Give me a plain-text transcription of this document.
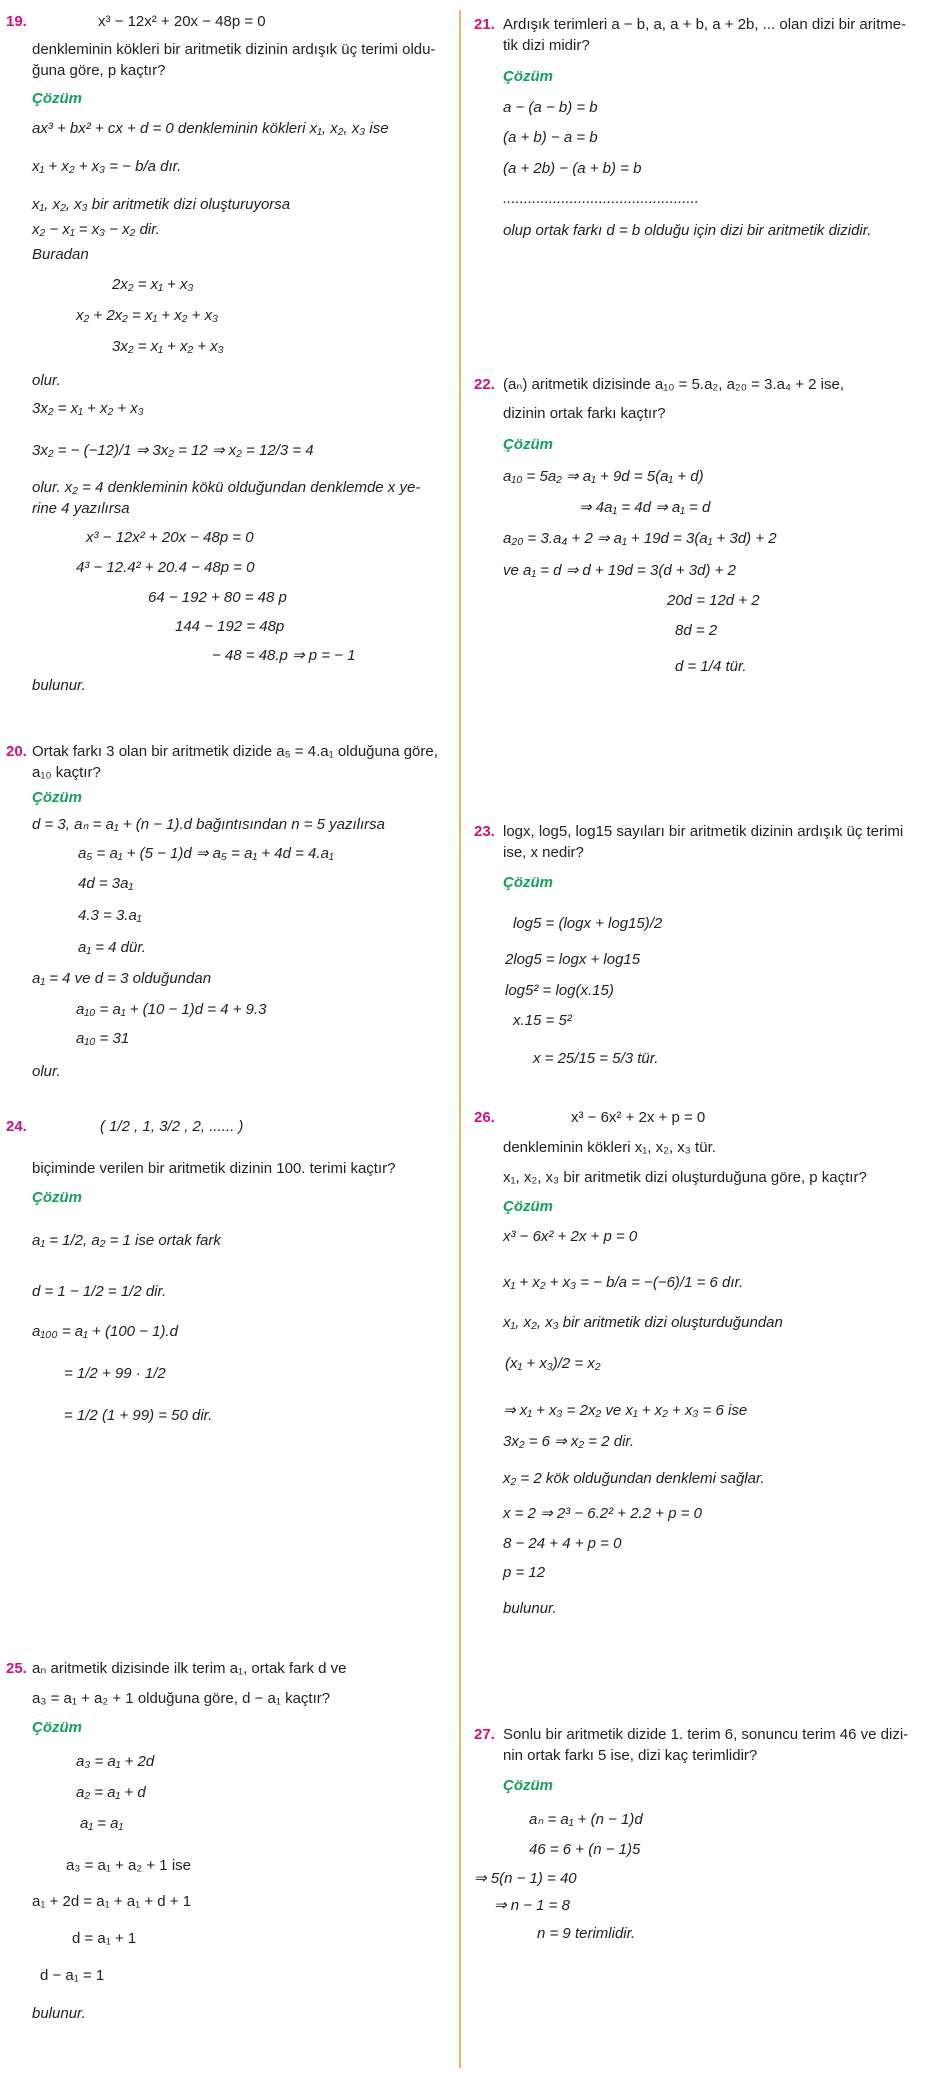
19.	x³ − 12x² + 20x − 48p = 0
denkleminin kökleri bir aritmetik dizinin ardışık üç terimi oldu-
ğuna göre, p kaçtır?
Çözüm
ax³ + bx² + cx + d = 0 denkleminin kökleri x₁, x₂, x₃ ise
x₁ + x₂ + x₃ = − b/a dır.
x₁, x₂, x₃ bir aritmetik dizi oluşturuyorsa
x₂ − x₁ = x₃ − x₂ dir.
Buradan
2x₂ = x₁ + x₃
x₂ + 2x₂ = x₁ + x₂ + x₃
3x₂ = x₁ + x₂ + x₃
olur.
3x₂ = x₁ + x₂ + x₃
3x₂ = − (−12)/1 ⇒ 3x₂ = 12 ⇒ x₂ = 12/3 = 4
olur. x₂ = 4 denkleminin kökü olduğundan denklemde x ye-
rine 4 yazılırsa
x³ − 12x² + 20x − 48p = 0
4³ − 12.4² + 20.4 − 48p = 0
64 − 192 + 80 = 48 p
144 − 192 = 48p
− 48 = 48.p ⇒ p = − 1
bulunur.
20. Ortak farkı 3 olan bir aritmetik dizide a₅ = 4.a₁ olduğuna göre,
a₁₀ kaçtır?
Çözüm
d = 3, aₙ = a₁ + (n − 1).d bağıntısından n = 5 yazılırsa
a₅ = a₁ + (5 − 1)d ⇒ a₅ = a₁ + 4d = 4.a₁
4d = 3a₁
4.3 = 3.a₁
a₁ = 4 dür.
a₁ = 4 ve d = 3 olduğundan
a₁₀ = a₁ + (10 − 1)d = 4 + 9.3
a₁₀ = 31
olur.
21. Ardışık terimleri a − b, a, a + b, a + 2b, ... olan dizi bir aritme-
tik dizi midir?
Çözüm
a − (a − b) = b
(a + b) − a = b
(a + 2b) − (a + b) = b
...............................................
olup ortak farkı d = b olduğu için dizi bir aritmetik dizidir.
22. (aₙ) aritmetik dizisinde a₁₀ = 5.a₂, a₂₀ = 3.a₄ + 2 ise,
dizinin ortak farkı kaçtır?
Çözüm
a₁₀ = 5a₂ ⇒ a₁ + 9d = 5(a₁ + d)
⇒ 4a₁ = 4d ⇒ a₁ = d
a₂₀ = 3.a₄ + 2 ⇒ a₁ + 19d = 3(a₁ + 3d) + 2
ve a₁ = d ⇒ d + 19d = 3(d + 3d) + 2
20d = 12d + 2
8d = 2
d = 1/4 tür.
23. logx, log5, log15 sayıları bir aritmetik dizinin ardışık üç terimi
ise, x nedir?
Çözüm
log5 = (logx + log15)/2
2log5 = logx + log15
log5² = log(x.15)
x.15 = 5²
x = 25/15 = 5/3 tür.
24.	( 1/2 , 1, 3/2 , 2, ...... )
biçiminde verilen bir aritmetik dizinin 100. terimi kaçtır?
Çözüm
a₁ = 1/2, a₂ = 1 ise ortak fark
d = 1 − 1/2 = 1/2 dir.
a₁₀₀ = a₁ + (100 − 1).d
= 1/2 + 99 · 1/2
= 1/2 (1 + 99) = 50 dir.
25. aₙ aritmetik dizisinde ilk terim a₁, ortak fark d ve
a₃ = a₁ + a₂ + 1 olduğuna göre, d − a₁ kaçtır?
Çözüm
a₃ = a₁ + 2d
a₂ = a₁ + d
a₁ = a₁
a₃ = a₁ + a₂ + 1 ise
a₁ + 2d = a₁ + a₁ + d + 1
d = a₁ + 1
d − a₁ = 1
bulunur.
26.	x³ − 6x² + 2x + p = 0
denkleminin kökleri x₁, x₂, x₃ tür.
x₁, x₂, x₃ bir aritmetik dizi oluşturduğuna göre, p kaçtır?
Çözüm
x³ − 6x² + 2x + p = 0
x₁ + x₂ + x₃ = − b/a = −(−6)/1 = 6 dır.
x₁, x₂, x₃ bir aritmetik dizi oluşturduğundan
(x₁ + x₃)/2 = x₂
⇒ x₁ + x₃ = 2x₂ ve x₁ + x₂ + x₃ = 6 ise
3x₂ = 6 ⇒ x₂ = 2 dir.
x₂ = 2 kök olduğundan denklemi sağlar.
x = 2 ⇒ 2³ − 6.2² + 2.2 + p = 0
8 − 24 + 4 + p = 0
p = 12
bulunur.
27. Sonlu bir aritmetik dizide 1. terim 6, sonuncu terim 46 ve dizi-
nin ortak farkı 5 ise, dizi kaç terimlidir?
Çözüm
aₙ = a₁ + (n − 1)d
46 = 6 + (n − 1)5
⇒ 5(n − 1) = 40
⇒ n − 1 = 8
n = 9 terimlidir.
